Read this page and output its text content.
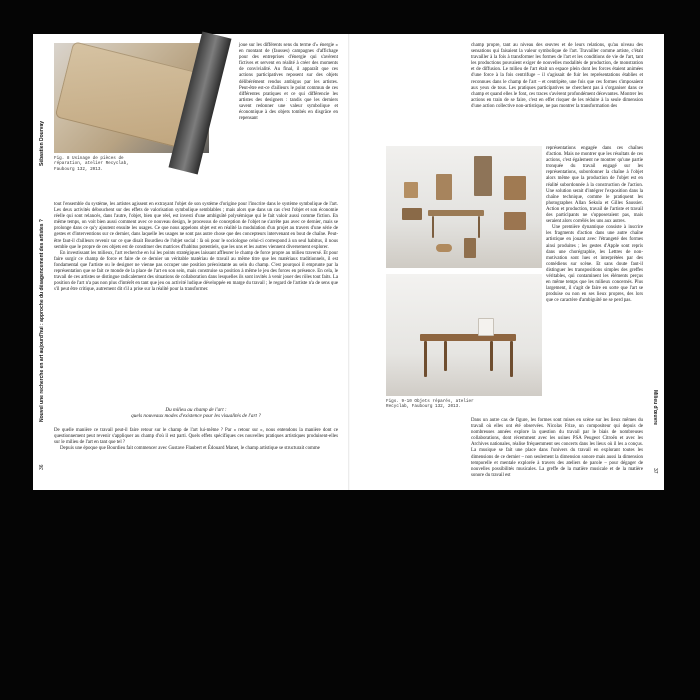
Sébastien Dourvay
Nouvel une recherche en art aujourd'hui : approche du désagencement des artistes ?
36
Fig. 8 Usinage de pièces de
réparation, atelier Recyclab,
Faubourg 132, 2013.

joue sur les différents sens du terme d'« énergie » en montant de (fausses) campagnes d'affichage pour des entreprises d'énergie qui s'avèrent fictives et servent en réalité à créer des moments de convivialité. Au final, il apparaît que ces actions participatives reposent sur des objets délibérément rendus ambigus par les artistes. Peut-être est-ce d'ailleurs le point commun de ces différentes pratiques et ce qui différencie les artistes des designers : tandis que les derniers savent redonner une valeur symbolique et économique à des objets tombés en disgrâce en repensant

tout l'ensemble du système, les artistes agissent en extrayant l'objet de son système d'origine pour l'inscrire dans le système symbolique de l'art. Les deux activités débouchent sur des effets de valorisation symbolique semblables ; mais alors que dans un cas c'est l'objet et son économie réelle qui sont relancés, dans l'autre, l'objet, bien que réel, est investi d'une ambiguïté polysémique qui le fait valoir aussi comme fiction. En même temps, on voit bien aussi comment avec ce nouveau design, le processus de conception de l'objet ne s'arrête pas avec ce dernier, mais se prolonge dans ce qu'y ajoutent ensuite les usages. Ce que nous appelons objet est en réalité la modulation d'un projet au travers d'une série de gestes et d'interventions sur ce dernier, dans laquelle les usages ne sont pas autre chose que des concepteurs intervenant en bout de chaîne. Peut-être faut-il d'ailleurs revenir sur ce que disait Bourdieu de l'objet social : là où pour le sociologue celui-ci correspond à un seul habitus, il nous semble que le propre de ces objets est de constituer des matrices d'habitus potentiels, que les uns et les autres viennent diversement explorer.

En investissant les milieux, l'art recherche en lui les points stratégiques laissant affleurer le champ de force propre au milieu traversé. Et pour faire surgir ce champ de force et faire de ce dernier un véritable matériau de travail au même titre que les matériaux traditionnels, il est fondamental que l'artiste ou le designer ne vienne pas occuper une position préexistante au sein du champ. C'est pourquoi il emprunte par la représentation que se fait ce monde de la place de l'art en son sein, mais construise sa position à même le jeu des forces en présence. En cela, le travail de ces artistes se distingue radicalement des situations de collaboration dans lesquelles ils sont invités à venir jouer des rôles tout faits. La position de l'art n'a pas non plus d'intérêt en tant que jeu ou activité ludique développée en marge du travail ; le regard de l'artiste n'a de sens que s'il peut être critique, autrement dit s'il a prise sur la réalité pour la transformer.

Du milieu au champ de l'art :
quels nouveaux modes d'existence pour les visualités de l'art ?

De quelle manière ce travail peut-il faire retour sur le champ de l'art lui-même ? Par « retour sur », nous entendons la manière dont ce questionnement peut revenir s'appliquer au champ d'où il est parti. Quels effets spécifiques ces nouvelles pratiques artistiques produisent-elles sur le milieu de l'art en tant que tel ?

Depuis une époque que Bourdieu fait commencer avec Gustave Flaubert et Édouard Manet, le champ artistique se structurait comme

champ propre, tant au niveau des œuvres et de leurs relations, qu'au niveau des sensations qui faisaient la valeur symbolique de l'art. Travailler comme artiste, c'était travailler à la fois à transformer les formes de l'art et les conditions de vie de l'art, tant les productions pouvaient exiger de nouvelles modalités de production, de monstration et de diffusion. Le milieu de l'art était un espace plein dont les forces étaient animées d'une force à la fois centrifuge – il s'agissait de fuir les représentations établies et reconnues dans le champ de l'art – et centripète, une fois que ces formes s'imposaient aux yeux de tous. Les pratiques participatives ne cherchent pas à s'organiser dans ce champ et quand elles le font, ces traces s'avèrent profondément décevantes. Montrer les actions en train de se faire, c'est en effet risquer de les réduire à la seule dimension d'une action collective non-artistique, ne pas montrer la transformation des

représentations engagée dans ces chaînes d'action. Mais ne montrer que les résultats de ces actions, c'est également ne montrer qu'une partie tronquée du travail engagé sur les représentations, subordonner la chaîne à l'objet alors même que la production de l'objet est en réalité subordonnée à la construction de l'action. Une solution serait d'intégrer l'exposition dans la chaîne technique, comme le pratiquent les photographes Allan Sekula et Gilles Saussier. Action et production, travail de l'artiste et travail des participants ne s'opposeraient pas, mais seraient alors corrélés les uns aux autres.

Une première dynamique consiste à inscrire les fragments d'action dans une autre chaîne artistique en jouant avec l'étrangeté des formes ainsi produites ; les gestes d'Apple sont repris dans une chorégraphie, les Lettres de non-motivation sont lues et interprétées par des comédiens sur scène. Et sans doute faut-il distinguer les transpositions simples des greffes véritables, qui contaminent les éléments perçus en même temps que les milieux concernés. Plus largement, il s'agit de faire en sorte que l'art se produise ou non en ses lieux propres, des lors que ce caractère d'ambiguïté ne se perd pas.

Figs. 9-10 Objets réparés, atelier
Recyclab, Faubourg 132, 2013.

Dans un autre cas de figure, les formes sont mises en scène sur les lieux mêmes du travail où elles ont été observées. Nicolas Frize, un compositeur qui depuis de nombreuses années explore la question du travail par le biais de nombreuses collaborations, dont récemment avec les usines PSA Peugeot Citroën et avec les Archives nationales, réalise fréquemment ses concerts dans les lieux où il les a conçus. La musique se fait une place dans l'univers du travail en explorant toutes les dimensions de ce dernier – non seulement la dimension sonore mais aussi la dimension temporelle et mentale explorée à travers des ateliers de parole – pour dégager de nouvelles possibilités musicales. La greffe de la matière musicale et de la matière sonore du travail est

Milieu d'œuvre
37
